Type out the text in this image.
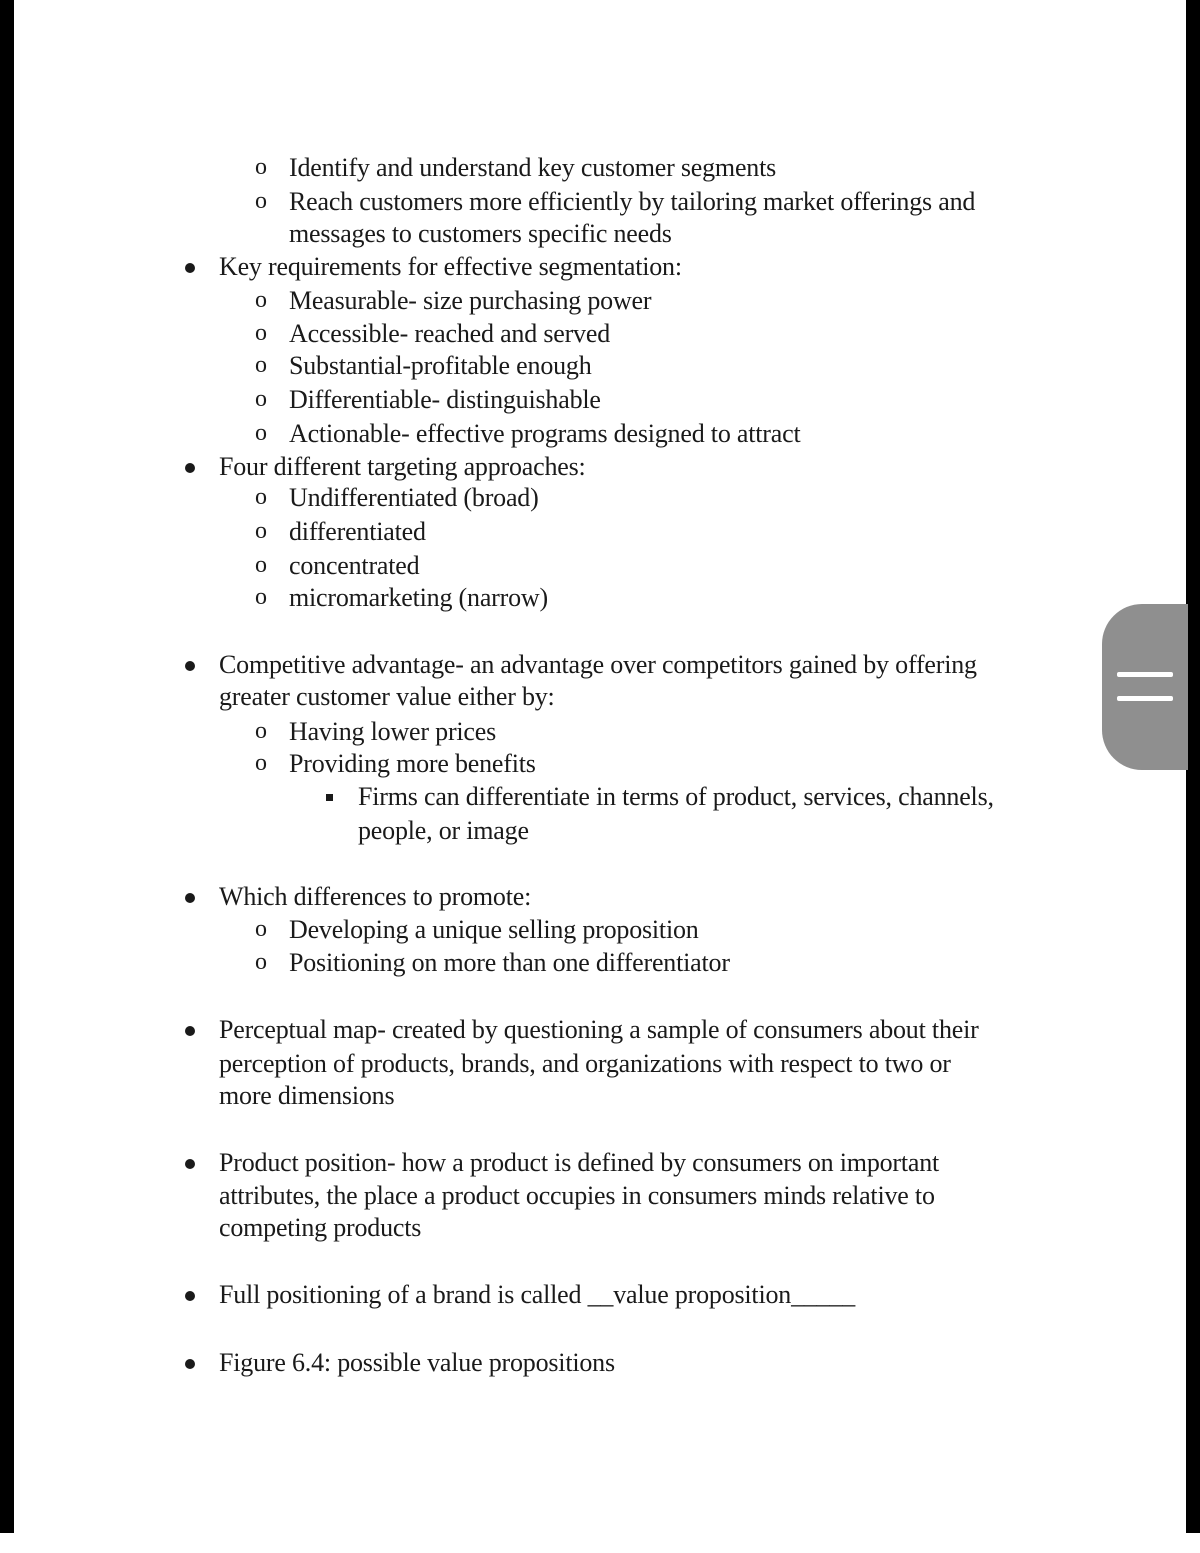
o Identify and understand key customer segments
o Reach customers more efficiently by tailoring market offerings and
messages to customers specific needs
Key requirements for effective segmentation:
o Measurable- size purchasing power
o Accessible- reached and served
o Substantial-profitable enough
o Differentiable- distinguishable
o Actionable- effective programs designed to attract
Four different targeting approaches:
o Undifferentiated (broad)
o differentiated
o concentrated
o micromarketing (narrow)
Competitive advantage- an advantage over competitors gained by offering
greater customer value either by:
o Having lower prices
o Providing more benefits
Firms can differentiate in terms of product, services, channels,
people, or image
Which differences to promote:
o Developing a unique selling proposition
o Positioning on more than one differentiator
Perceptual map- created by questioning a sample of consumers about their
perception of products, brands, and organizations with respect to two or
more dimensions
Product position- how a product is defined by consumers on important
attributes, the place a product occupies in consumers minds relative to
competing products
Full positioning of a brand is called __value proposition_____
Figure 6.4: possible value propositions
